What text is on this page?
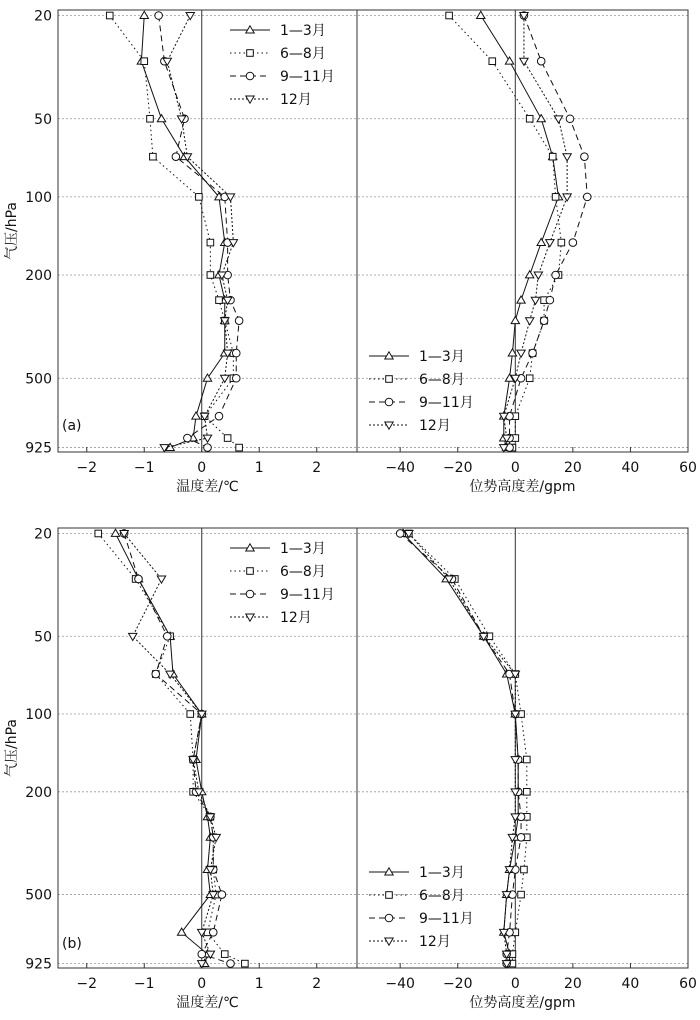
−2	−1	0	1	2
温度差/℃
1—3月
6—8月
9—11月
12月
−40 −20	0	20	40	60
位势高度差/gpm
1—3月
6—8月
9—11月
12月
20
50
100
200
500
925
气压/hPa
(a)
−2	−1	0	1	2
温度差/℃
1—3月
6—8月
9—11月
12月
−40 −20	0	20	40	60
位势高度差/gpm
1—3月
6—8月
9—11月
12月
20
50
100
200
500
925
气压/hPa
(b)
